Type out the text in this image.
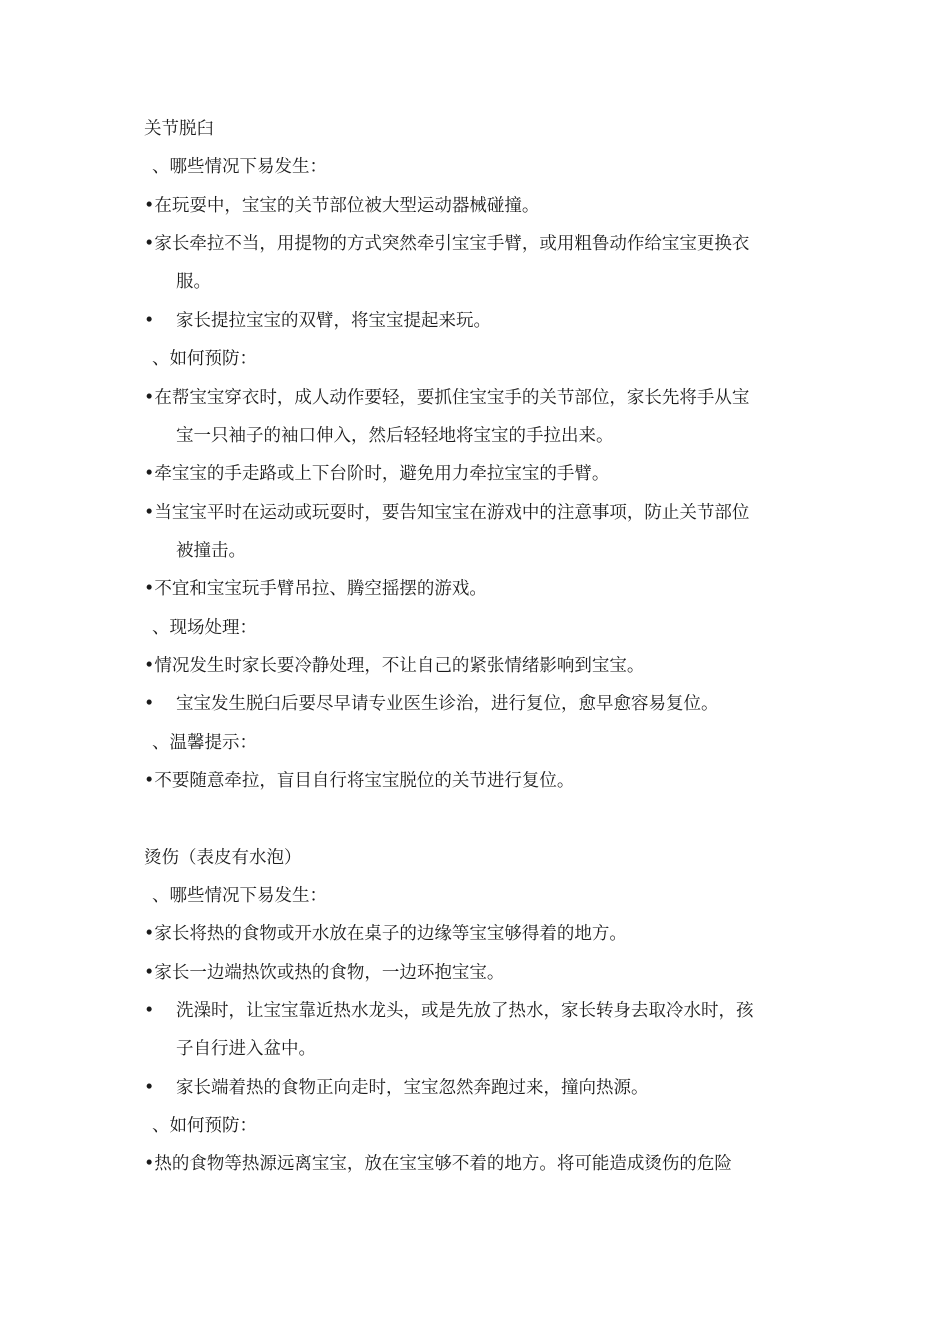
关节脱臼
、哪些情况下易发生：
•在玩耍中，宝宝的关节部位被大型运动器械碰撞。
•家长牵拉不当，用提物的方式突然牵引宝宝手臂，或用粗鲁动作给宝宝更换衣
服。
• 家长提拉宝宝的双臂，将宝宝提起来玩。
、如何预防：
•在帮宝宝穿衣时，成人动作要轻，要抓住宝宝手的关节部位，家长先将手从宝
宝一只袖子的袖口伸入，然后轻轻地将宝宝的手拉出来。
•牵宝宝的手走路或上下台阶时，避免用力牵拉宝宝的手臂。
•当宝宝平时在运动或玩耍时，要告知宝宝在游戏中的注意事项，防止关节部位
被撞击。
•不宜和宝宝玩手臂吊拉、腾空摇摆的游戏。
、现场处理：
•情况发生时家长要冷静处理，不让自己的紧张情绪影响到宝宝。
• 宝宝发生脱臼后要尽早请专业医生诊治，进行复位，愈早愈容易复位。
、温馨提示：
•不要随意牵拉，盲目自行将宝宝脱位的关节进行复位。
烫伤（表皮有水泡）
、哪些情况下易发生：
•家长将热的食物或开水放在桌子的边缘等宝宝够得着的地方。
•家长一边端热饮或热的食物，一边环抱宝宝。
• 洗澡时，让宝宝靠近热水龙头，或是先放了热水，家长转身去取冷水时，孩
子自行进入盆中。
• 家长端着热的食物正向走时，宝宝忽然奔跑过来，撞向热源。
、如何预防：
•热的食物等热源远离宝宝，放在宝宝够不着的地方。将可能造成烫伤的危险
